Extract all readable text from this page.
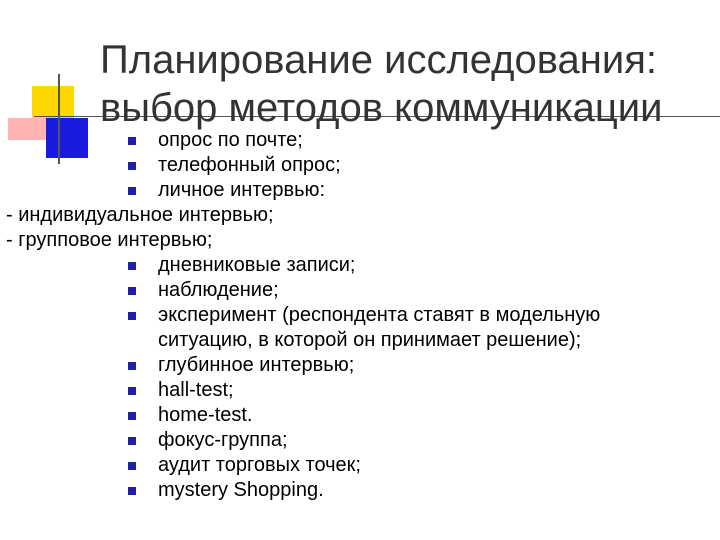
Планирование исследования:
выбор методов коммуникации
опрос по почте;
телефонный опрос;
личное интервью:
- индивидуальное интервью;
- групповое интервью;
дневниковые записи;
наблюдение;
эксперимент (респондента ставят в модельную ситуацию, в которой он принимает решение);
глубинное интервью;
hall-test;
home-test.
фокус-группа;
аудит торговых точек;
mystery Shopping.
